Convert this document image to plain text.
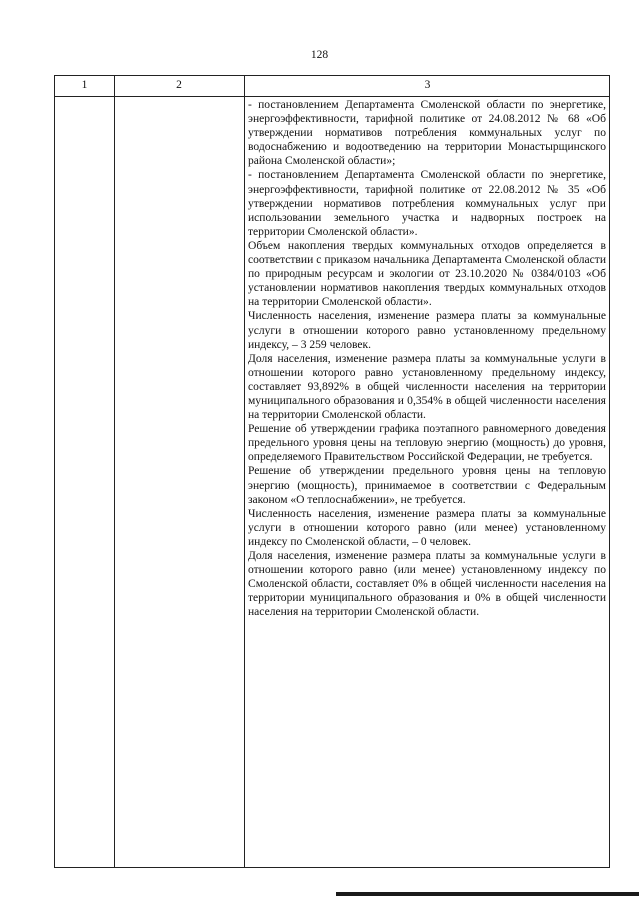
128
1	2	3

- постановлением Департамента Смоленской области по энергетике, энергоэффективности, тарифной политике от 24.08.2012 № 68 «Об утверждении нормативов потребления коммунальных услуг по водоснабжению и водоотведению на территории Монастырщинского района Смоленской области»;

- постановлением Департамента Смоленской области по энергетике, энергоэффективности, тарифной политике от 22.08.2012 № 35 «Об утверждении нормативов потребления коммунальных услуг при использовании земельного участка и надворных построек на территории Смоленской области».

Объем накопления твердых коммунальных отходов определяется в соответствии с приказом начальника Департамента Смоленской области по природным ресурсам и экологии от 23.10.2020 № 0384/0103 «Об установлении нормативов накопления твердых коммунальных отходов на территории Смоленской области».

Численность населения, изменение размера платы за коммунальные услуги в отношении которого равно установленному предельному индексу, – 3 259 человек.

Доля населения, изменение размера платы за коммунальные услуги в отношении которого равно установленному предельному индексу, составляет 93,892% в общей численности населения на территории муниципального образования и 0,354% в общей численности населения на территории Смоленской области.

Решение об утверждении графика поэтапного равномерного доведения предельного уровня цены на тепловую энергию (мощность) до уровня, определяемого Правительством Российской Федерации, не требуется.

Решение об утверждении предельного уровня цены на тепловую энергию (мощность), принимаемое в соответствии с Федеральным законом «О теплоснабжении», не требуется.

Численность населения, изменение размера платы за коммунальные услуги в отношении которого равно (или менее) установленному индексу по Смоленской области, – 0 человек.

Доля населения, изменение размера платы за коммунальные услуги в отношении которого равно (или менее) установленному индексу по Смоленской области, составляет 0% в общей численности населения на территории муниципального образования и 0% в общей численности населения на территории Смоленской области.
